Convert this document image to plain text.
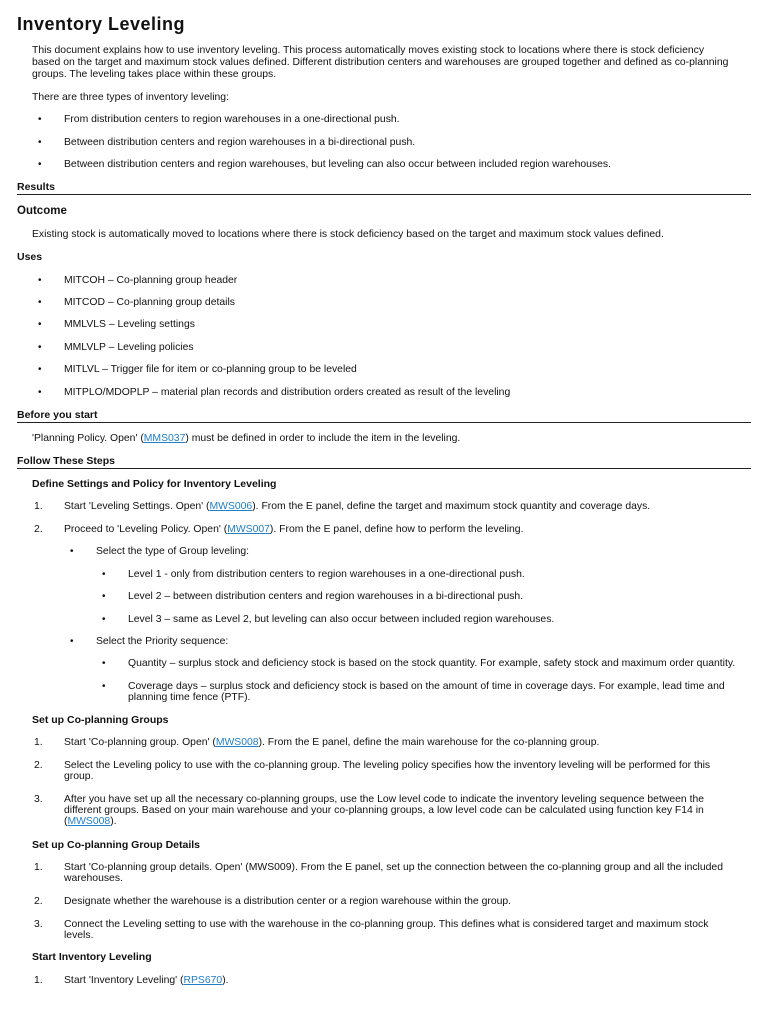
Inventory Leveling
This document explains how to use inventory leveling. This process automatically moves existing stock to locations where there is stock deficiency
based on the target and maximum stock values defined. Different distribution centers and warehouses are grouped together and defined as co-planning
groups. The leveling takes place within these groups.
There are three types of inventory leveling:
• From distribution centers to region warehouses in a one-directional push.
• Between distribution centers and region warehouses in a bi-directional push.
• Between distribution centers and region warehouses, but leveling can also occur between included region warehouses.
Results
Outcome
Existing stock is automatically moved to locations where there is stock deficiency based on the target and maximum stock values defined.
Uses
• MITCOH – Co-planning group header
• MITCOD – Co-planning group details
• MMLVLS – Leveling settings
• MMLVLP – Leveling policies
• MITLVL – Trigger file for item or co-planning group to be leveled
• MITPLO/MDOPLP – material plan records and distribution orders created as result of the leveling
Before you start
'Planning Policy. Open' (MMS037) must be defined in order to include the item in the leveling.
Follow These Steps
Define Settings and Policy for Inventory Leveling
1. Start 'Leveling Settings. Open' (MWS006). From the E panel, define the target and maximum stock quantity and coverage days.
2. Proceed to 'Leveling Policy. Open' (MWS007). From the E panel, define how to perform the leveling.
• Select the type of Group leveling:
• Level 1 - only from distribution centers to region warehouses in a one-directional push.
• Level 2 – between distribution centers and region warehouses in a bi-directional push.
• Level 3 – same as Level 2, but leveling can also occur between included region warehouses.
• Select the Priority sequence:
• Quantity – surplus stock and deficiency stock is based on the stock quantity. For example, safety stock and maximum order quantity.
• Coverage days – surplus stock and deficiency stock is based on the amount of time in coverage days. For example, lead time and
planning time fence (PTF).
Set up Co-planning Groups
1. Start 'Co-planning group. Open' (MWS008). From the E panel, define the main warehouse for the co-planning group.
2. Select the Leveling policy to use with the co-planning group. The leveling policy specifies how the inventory leveling will be performed for this
group.
3. After you have set up all the necessary co-planning groups, use the Low level code to indicate the inventory leveling sequence between the
different groups. Based on your main warehouse and your co-planning groups, a low level code can be calculated using function key F14 in
(MWS008).
Set up Co-planning Group Details
1. Start 'Co-planning group details. Open' (MWS009). From the E panel, set up the connection between the co-planning group and all the included
warehouses.
2. Designate whether the warehouse is a distribution center or a region warehouse within the group.
3. Connect the Leveling setting to use with the warehouse in the co-planning group. This defines what is considered target and maximum stock
levels.
Start Inventory Leveling
1. Start 'Inventory Leveling' (RPS670).
